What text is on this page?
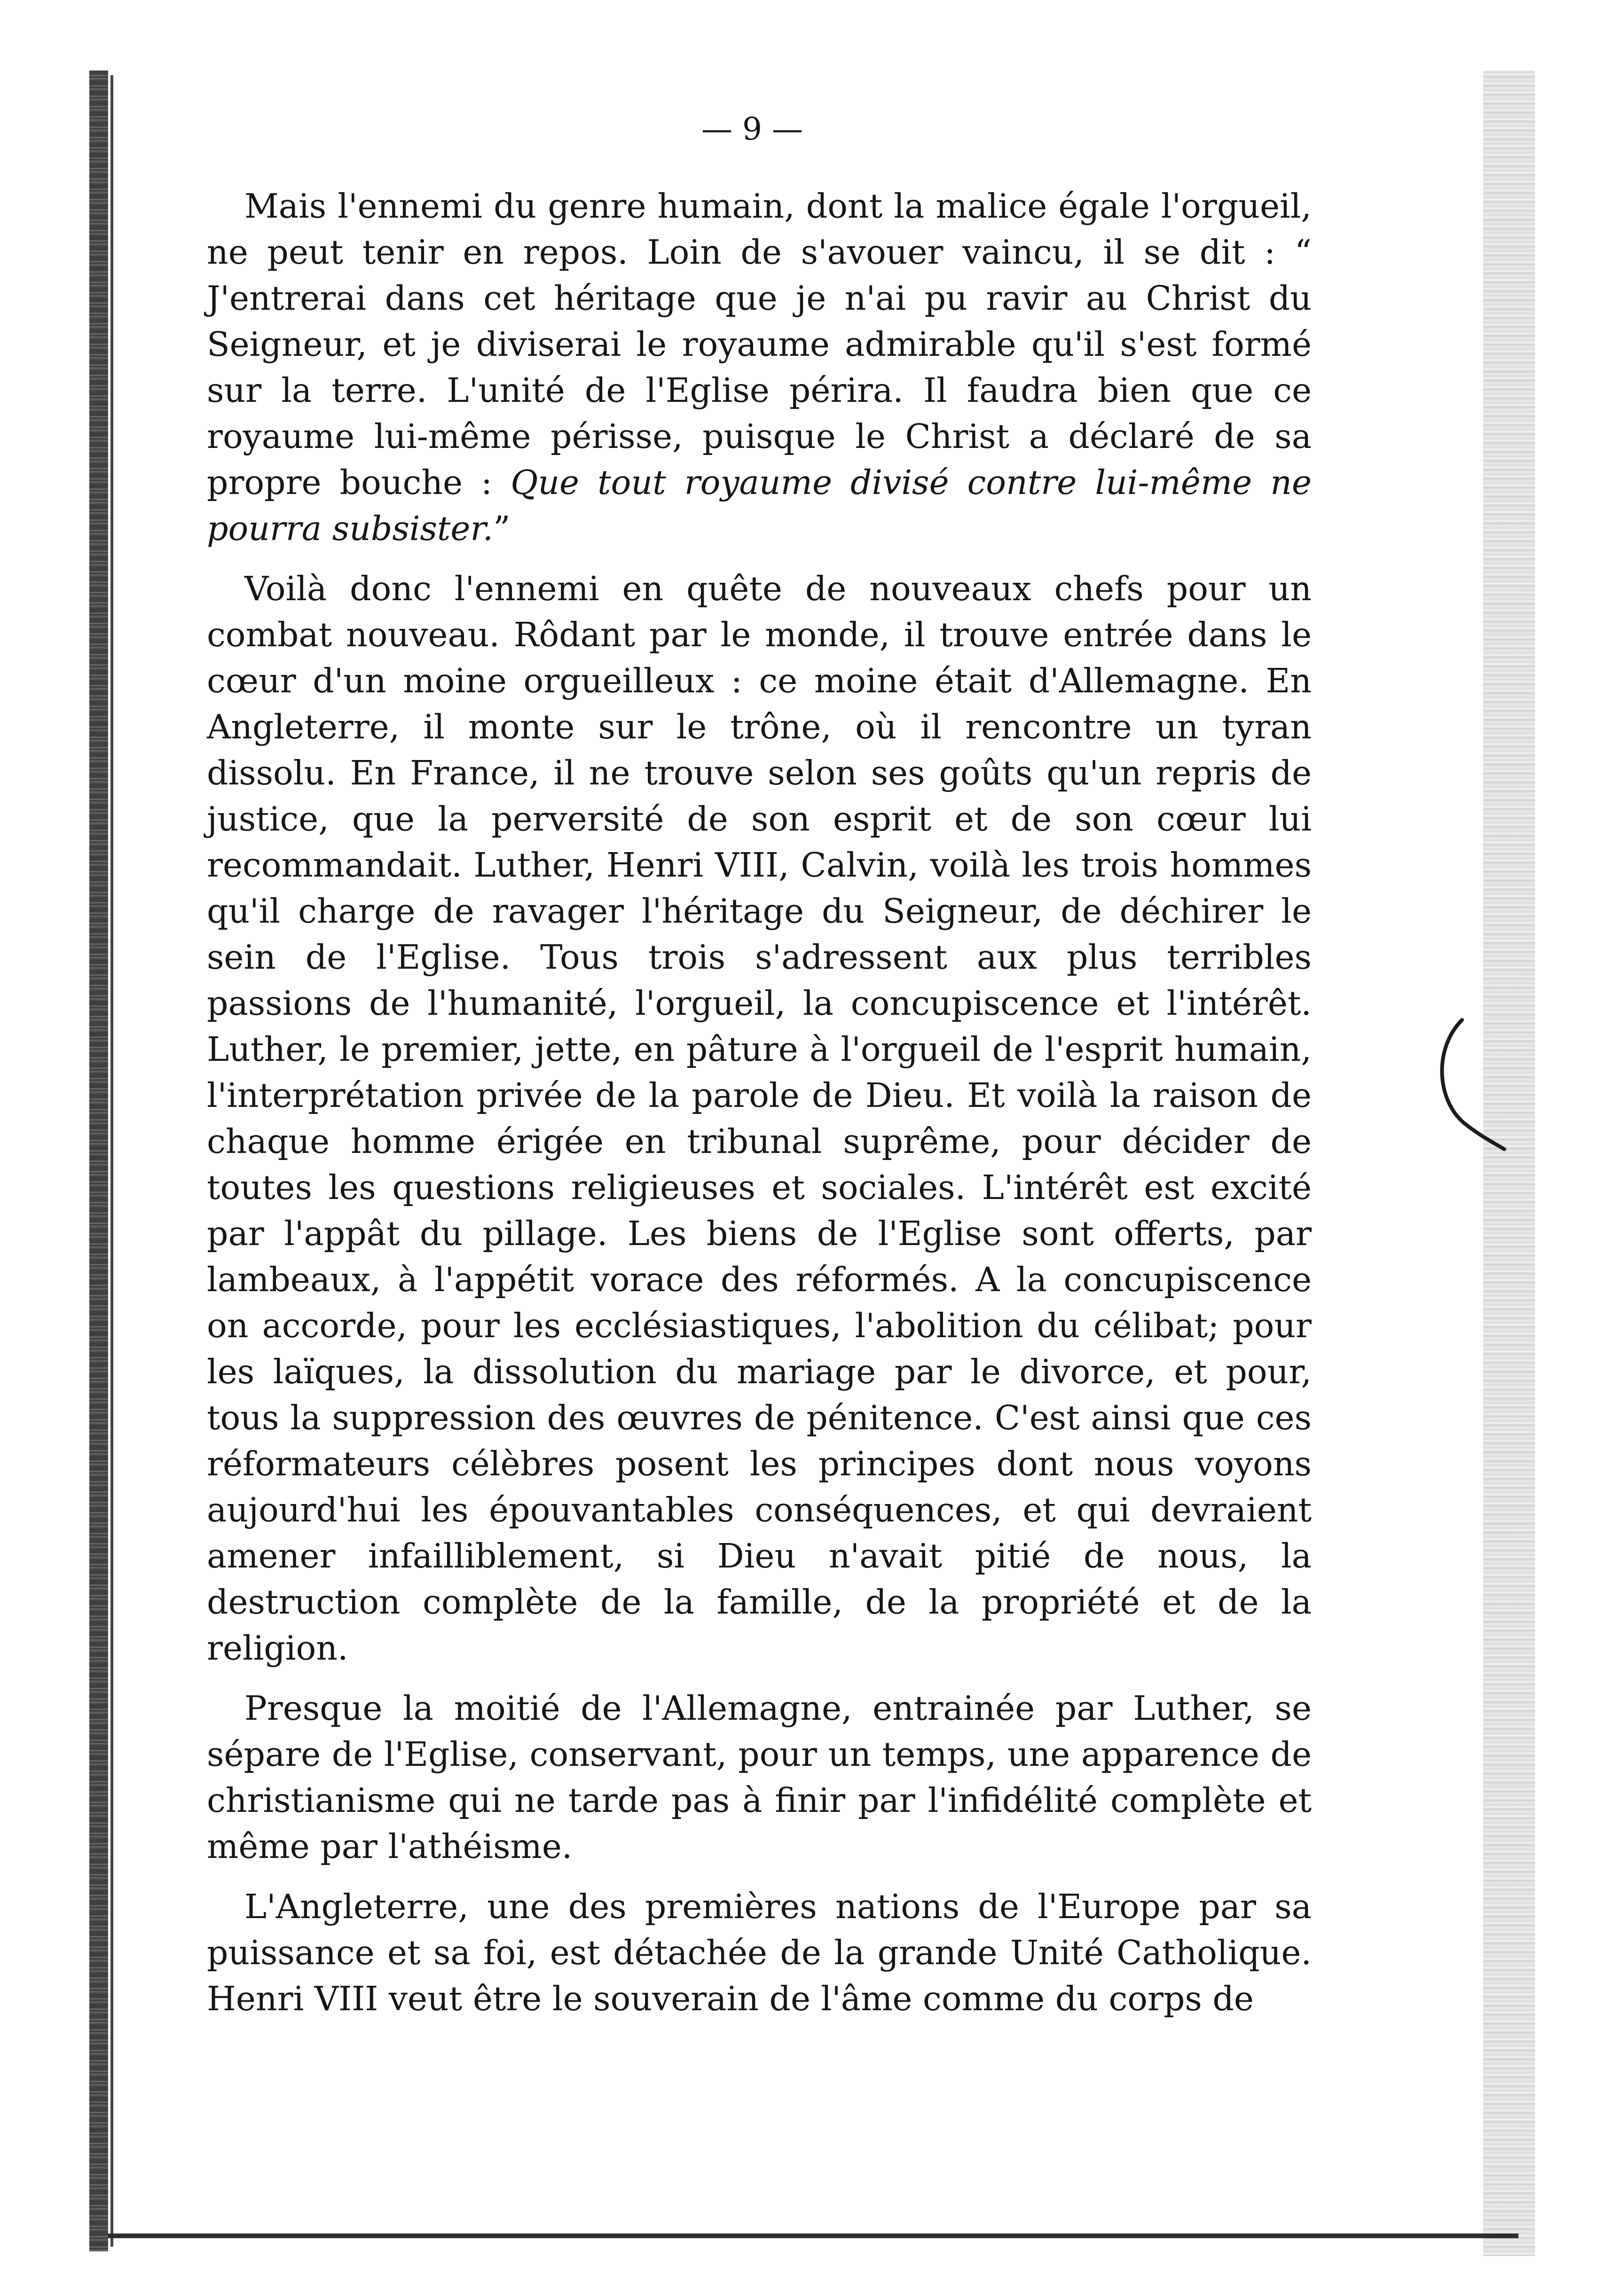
— 9 —

Mais l'ennemi du genre humain, dont la malice égale l'orgueil, ne peut tenir en repos. Loin de s'avouer vaincu, il se dit : “ J'entrerai dans cet héritage que je n'ai pu ravir au Christ du Seigneur, et je diviserai le royaume admirable qu'il s'est formé sur la terre. L'unité de l'Eglise périra. Il faudra bien que ce royaume lui-même périsse, puisque le Christ a déclaré de sa propre bouche : Que tout royaume divisé contre lui-même ne pourra subsister.”

Voilà donc l'ennemi en quête de nouveaux chefs pour un combat nouveau. Rôdant par le monde, il trouve entrée dans le cœur d'un moine orgueilleux : ce moine était d'Allemagne. En Angleterre, il monte sur le trône, où il rencontre un tyran dissolu. En France, il ne trouve selon ses goûts qu'un repris de justice, que la perversité de son esprit et de son cœur lui recommandait. Luther, Henri VIII, Calvin, voilà les trois hommes qu'il charge de ravager l'héritage du Seigneur, de déchirer le sein de l'Eglise. Tous trois s'adressent aux plus terribles passions de l'humanité, l'orgueil, la concupiscence et l'intérêt. Luther, le premier, jette, en pâture à l'orgueil de l'esprit humain, l'interprétation privée de la parole de Dieu. Et voilà la raison de chaque homme érigée en tribunal suprême, pour décider de toutes les questions religieuses et sociales. L'intérêt est excité par l'appât du pillage. Les biens de l'Eglise sont offerts, par lambeaux, à l'appétit vorace des réformés. A la concupiscence on accorde, pour les ecclésiastiques, l'abolition du célibat; pour les laïques, la dissolution du mariage par le divorce, et pour, tous la suppression des œuvres de pénitence. C'est ainsi que ces réformateurs célèbres posent les principes dont nous voyons aujourd'hui les épouvantables conséquences, et qui devraient amener infailliblement, si Dieu n'avait pitié de nous, la destruction complète de la famille, de la propriété et de la religion.

Presque la moitié de l'Allemagne, entrainée par Luther, se sépare de l'Eglise, conservant, pour un temps, une apparence de christianisme qui ne tarde pas à finir par l'infidélité complète et même par l'athéisme.

L'Angleterre, une des premières nations de l'Europe par sa puissance et sa foi, est détachée de la grande Unité Catholique. Henri VIII veut être le souverain de l'âme comme du corps de
